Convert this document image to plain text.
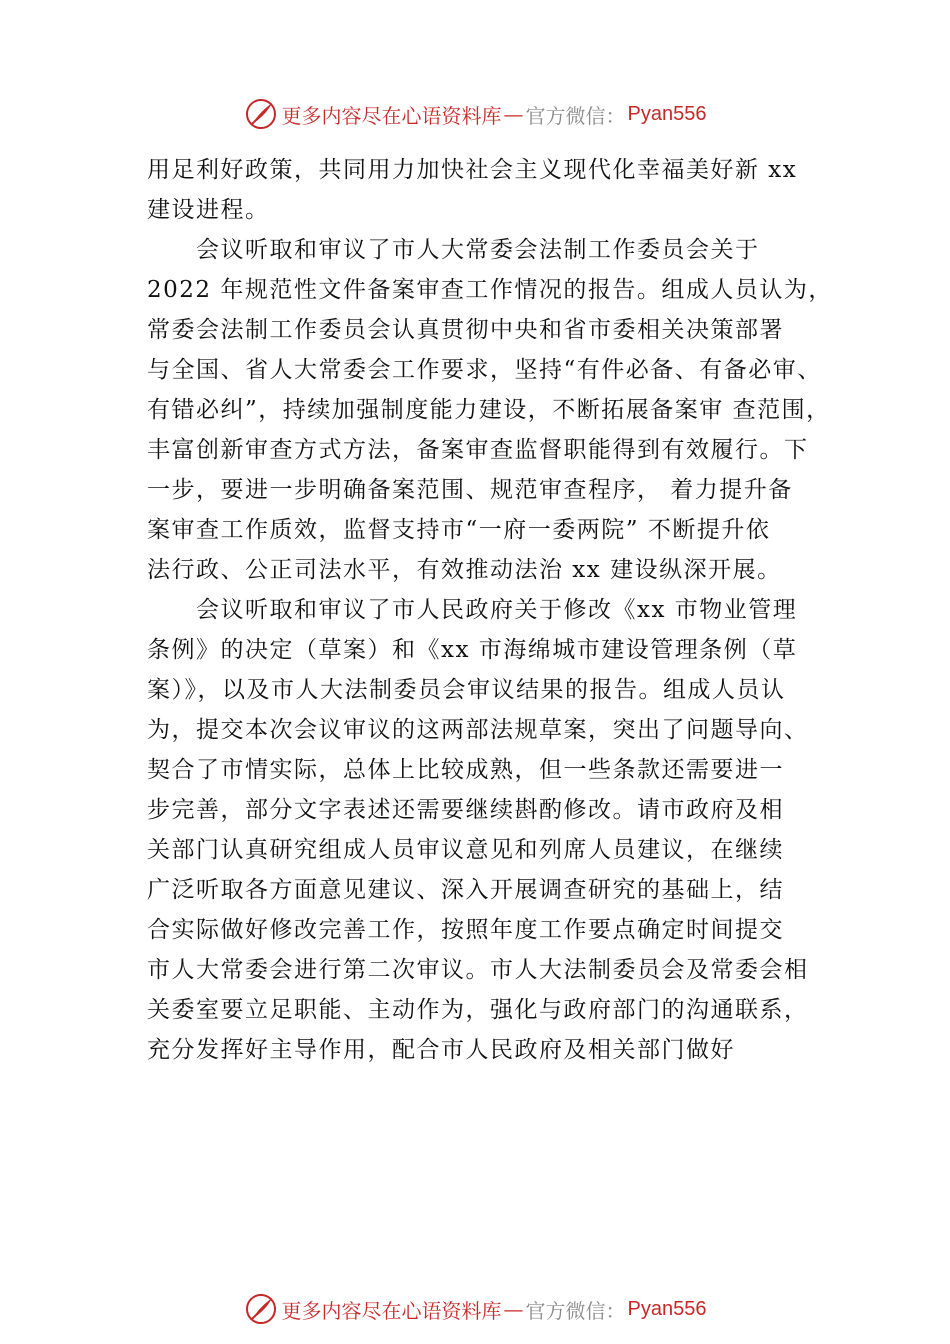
更多内容尽在心语资料库 — 官方微信： Pyan556
用足利好政策，共同用力加快社会主义现代化幸福美好新 xx
建设进程。
　　会议听取和审议了市人大常委会法制工作委员会关于
2022 年规范性文件备案审查工作情况的报告。组成人员认为，
常委会法制工作委员会认真贯彻中央和省市委相关决策部署
与全国、省人大常委会工作要求，坚持“有件必备、有备必审、
有错必纠”，持续加强制度能力建设，不断拓展备案审 查范围，
丰富创新审查方式方法，备案审查监督职能得到有效履行。下
一步，要进一步明确备案范围、规范审查程序， 着力提升备
案审查工作质效，监督支持市“一府一委两院” 不断提升依
法行政、公正司法水平，有效推动法治 xx 建设纵深开展。
　　会议听取和审议了市人民政府关于修改《xx 市物业管理
条例》的决定（草案）和《xx 市海绵城市建设管理条例（草
案）》，以及市人大法制委员会审议结果的报告。组成人员认
为，提交本次会议审议的这两部法规草案，突出了问题导向、
契合了市情实际，总体上比较成熟，但一些条款还需要进一
步完善，部分文字表述还需要继续斟酌修改。请市政府及相
关部门认真研究组成人员审议意见和列席人员建议，在继续
广泛听取各方面意见建议、深入开展调查研究的基础上，结
合实际做好修改完善工作，按照年度工作要点确定时间提交
市人大常委会进行第二次审议。市人大法制委员会及常委会相
关委室要立足职能、主动作为，强化与政府部门的沟通联系，
充分发挥好主导作用，配合市人民政府及相关部门做好
更多内容尽在心语资料库 — 官方微信： Pyan556
